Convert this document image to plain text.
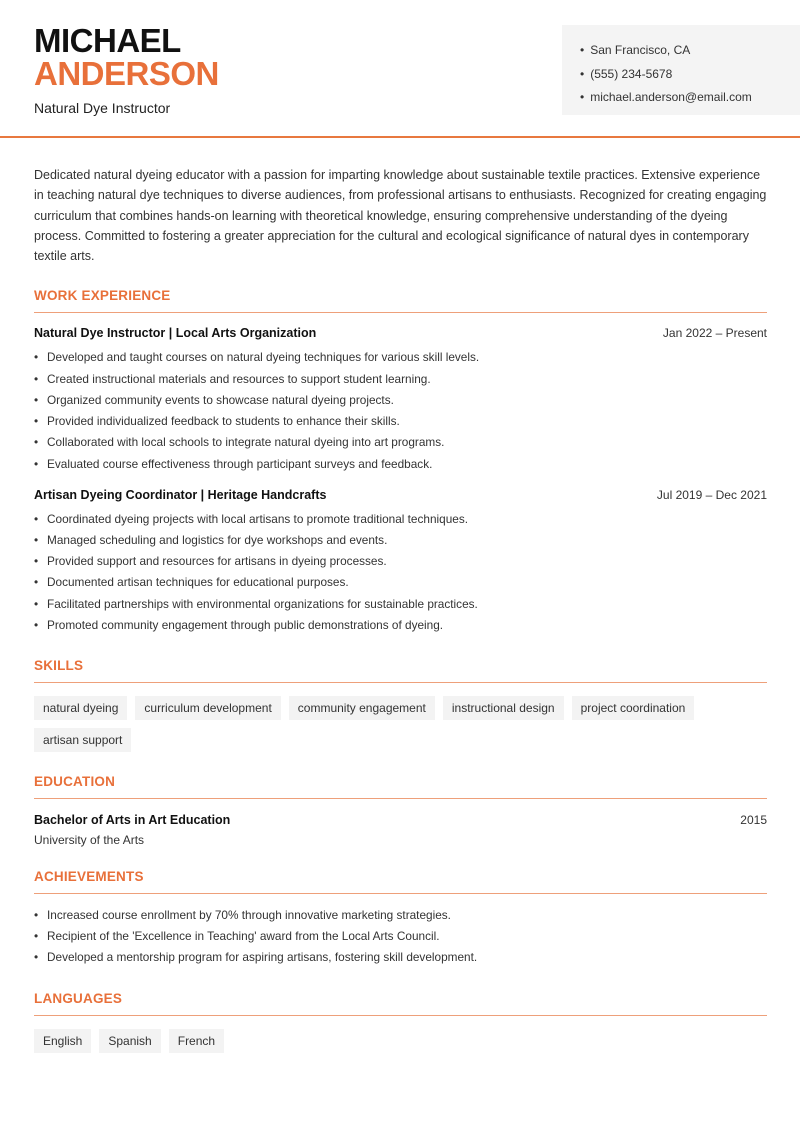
MICHAEL
ANDERSON
Natural Dye Instructor
• San Francisco, CA
• (555) 234-5678
• michael.anderson@email.com

Dedicated natural dyeing educator with a passion for imparting knowledge about sustainable textile practices. Extensive experience in teaching natural dye techniques to diverse audiences, from professional artisans to enthusiasts. Recognized for creating engaging curriculum that combines hands-on learning with theoretical knowledge, ensuring comprehensive understanding of the dyeing process. Committed to fostering a greater appreciation for the cultural and ecological significance of natural dyes in contemporary textile arts.

WORK EXPERIENCE
Natural Dye Instructor | Local Arts Organization	Jan 2022 – Present
• Developed and taught courses on natural dyeing techniques for various skill levels.
• Created instructional materials and resources to support student learning.
• Organized community events to showcase natural dyeing projects.
• Provided individualized feedback to students to enhance their skills.
• Collaborated with local schools to integrate natural dyeing into art programs.
• Evaluated course effectiveness through participant surveys and feedback.
Artisan Dyeing Coordinator | Heritage Handcrafts	Jul 2019 – Dec 2021
• Coordinated dyeing projects with local artisans to promote traditional techniques.
• Managed scheduling and logistics for dye workshops and events.
• Provided support and resources for artisans in dyeing processes.
• Documented artisan techniques for educational purposes.
• Facilitated partnerships with environmental organizations for sustainable practices.
• Promoted community engagement through public demonstrations of dyeing.
SKILLS
natural dyeing	curriculum development	community engagement	instructional design	project coordination
artisan support
EDUCATION
Bachelor of Arts in Art Education	2015
University of the Arts
ACHIEVEMENTS
• Increased course enrollment by 70% through innovative marketing strategies.
• Recipient of the 'Excellence in Teaching' award from the Local Arts Council.
• Developed a mentorship program for aspiring artisans, fostering skill development.
LANGUAGES
English	Spanish	French
